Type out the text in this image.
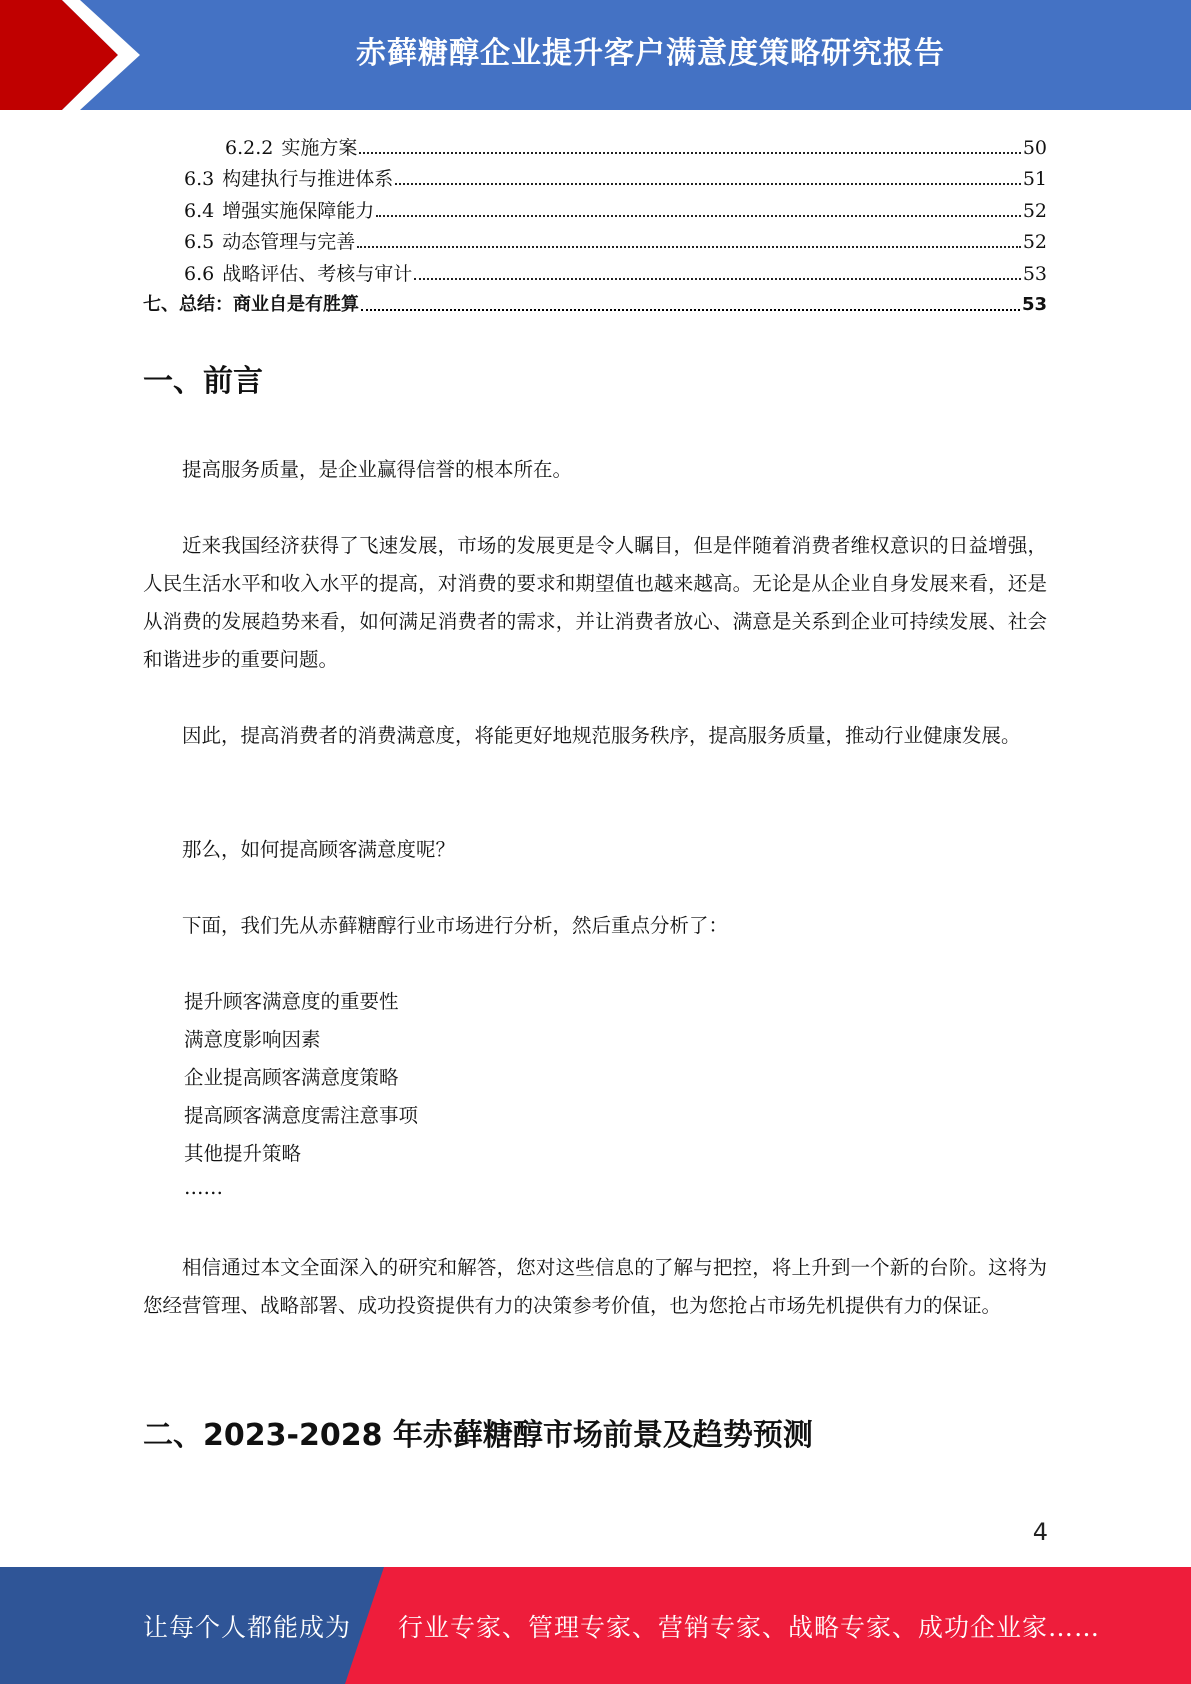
赤藓糖醇企业提升客户满意度策略研究报告
6.2.2 实施方案	50
6.3 构建执行与推进体系	51
6.4 增强实施保障能力	52
6.5 动态管理与完善	52
6.6 战略评估、考核与审计	53
七、总结：商业自是有胜算	53
一、前言

提高服务质量，是企业赢得信誉的根本所在。

近来我国经济获得了飞速发展，市场的发展更是令人瞩目，但是伴随着消费者维权意识的日益增强，人民生活水平和收入水平的提高，对消费的要求和期望值也越来越高。无论是从企业自身发展来看，还是从消费的发展趋势来看，如何满足消费者的需求，并让消费者放心、满意是关系到企业可持续发展、社会和谐进步的重要问题。

因此，提高消费者的消费满意度，将能更好地规范服务秩序，提高服务质量，推动行业健康发展。

那么，如何提高顾客满意度呢？

下面，我们先从赤藓糖醇行业市场进行分析，然后重点分析了：

提升顾客满意度的重要性

满意度影响因素

企业提高顾客满意度策略

提高顾客满意度需注意事项

其他提升策略

……

相信通过本文全面深入的研究和解答，您对这些信息的了解与把控，将上升到一个新的台阶。这将为您经营管理、战略部署、成功投资提供有力的决策参考价值，也为您抢占市场先机提供有力的保证。

二、2023-2028 年赤藓糖醇市场前景及趋势预测
4
让每个人都能成为 行业专家、管理专家、营销专家、战略专家、成功企业家……
